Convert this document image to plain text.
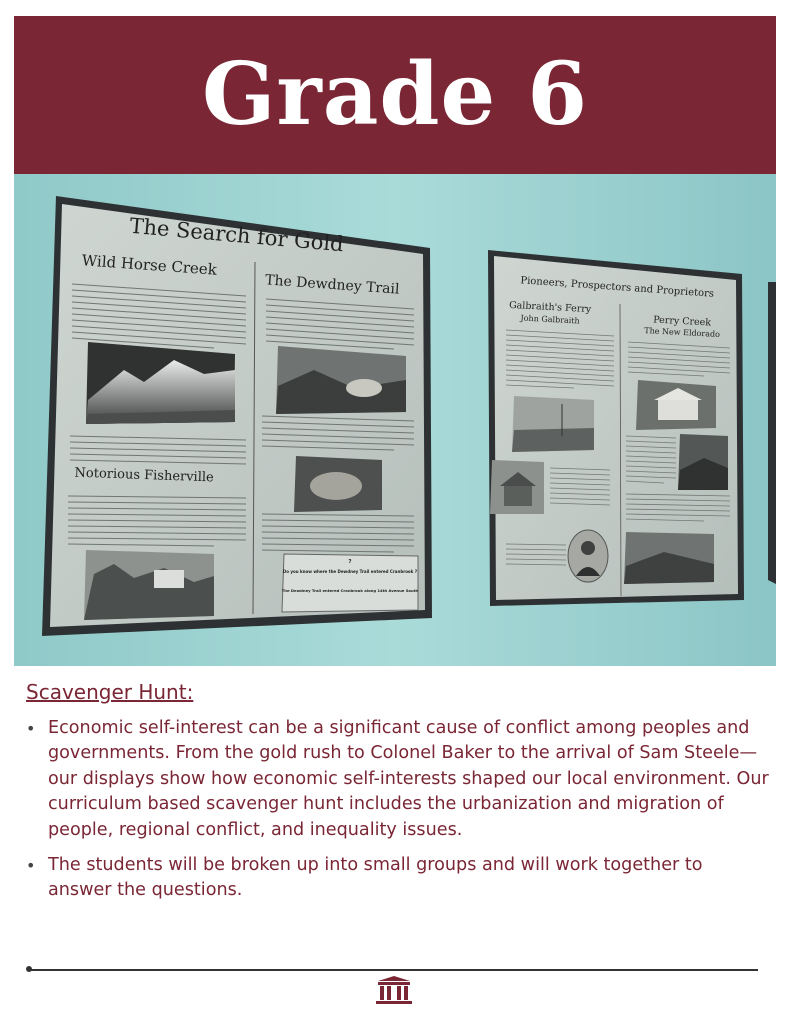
Grade 6
The Search for Gold
Wild Horse Creek
The Dewdney Trail
Notorious Fisherville
?
Do you know where the Dewdney Trail entered Cranbrook ?
The Dewdney Trail entered Cranbrook along 14th Avenue South
Pioneers, Prospectors and Proprietors
Galbraith's Ferry
John Galbraith	Perry Creek
The New Eldorado
Scavenger Hunt:
• Economic self-interest can be a significant cause of conflict among peoples and governments. From the gold rush to Colonel Baker to the arrival of Sam Steele—our displays show how economic self-interests shaped our local environment. Our curriculum based scavenger hunt includes the urbanization and migration of people, regional conflict, and inequality issues.
• The students will be broken up into small groups and will work together to answer the questions.
